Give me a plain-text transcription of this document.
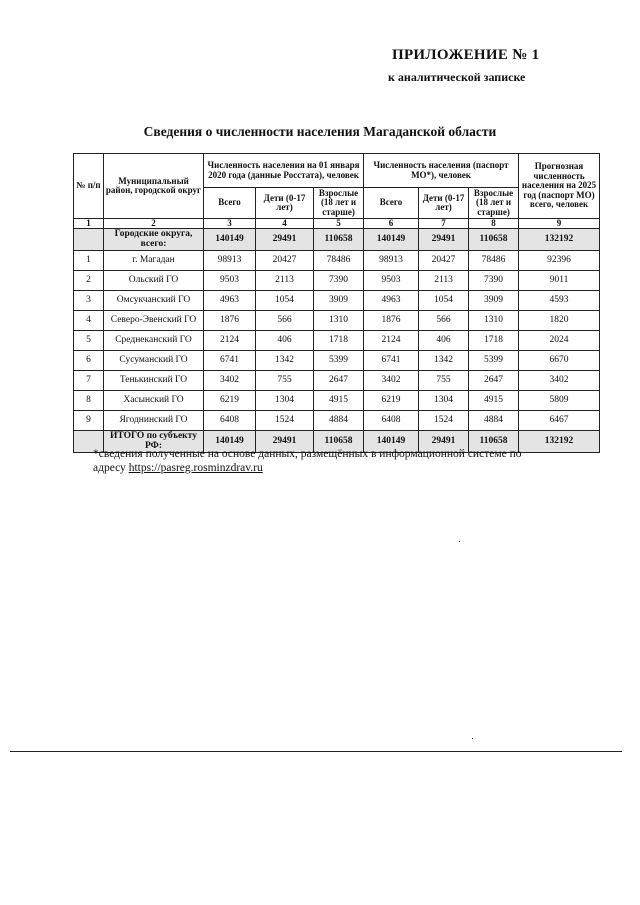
ПРИЛОЖЕНИЕ № 1
к аналитической записке
Сведения о численности населения Магаданской области
№ п/п	Муниципальный район, городской округ	Численность населения на 01 января 2020 года (данные Росстата), человек			Численность населения (паспорт МО*), человек			Прогнозная численность населения на 2025 год (паспорт МО) всего, человек
		Всего	Дети (0-17 лет)	Взрослые (18 лет и старше)	Всего	Дети (0-17 лет)	Взрослые (18 лет и старше)	
1	2	3	4	5	6	7	8	9
	Городские округа, всего:	140149	29491	110658	140149	29491	110658	132192
1	г. Магадан	98913	20427	78486	98913	20427	78486	92396
2	Ольский ГО	9503	2113	7390	9503	2113	7390	9011
3	Омсукчанский ГО	4963	1054	3909	4963	1054	3909	4593
4	Северо-Эвенский ГО	1876	566	1310	1876	566	1310	1820
5	Среднеканский ГО	2124	406	1718	2124	406	1718	2024
6	Сусуманский ГО	6741	1342	5399	6741	1342	5399	6670
7	Тенькинский ГО	3402	755	2647	3402	755	2647	3402
8	Хасынский ГО	6219	1304	4915	6219	1304	4915	5809
9	Ягоднинский ГО	6408	1524	4884	6408	1524	4884	6467
	ИТОГО по субъекту РФ:	140149	29491	110658	140149	29491	110658	132192
*сведения полученные на основе данных, размещённых в информационной системе по адресу https://pasreg.rosminzdrav.ru
